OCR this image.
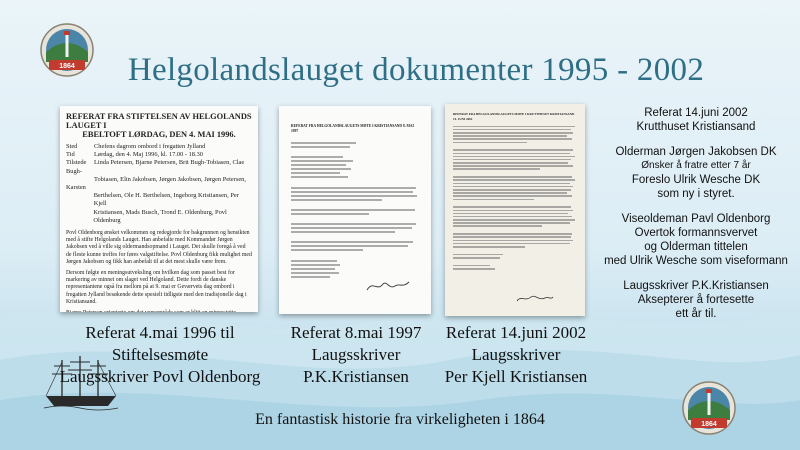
1864
1864
Helgolandslauget dokumenter 1995 - 2002
REFERAT FRA STIFTELSEN AV HELGOLANDS
LAUGET I
EBELTOFT LØRDAG, DEN 4. MAI 1996.
Sted	Chefens dagrom ombord i fregatten Jylland
Tid	Lørdag, den 4. Maj 1996, kl. 17.00 - 18.30
Tilstede	Linda Petersen, Bjarne Petersen, Brit Bugh-Tobiasen, Clae
Bugh-
Tobiasen, Elin Jakobsen, Jørgen Jakobsen, Jørgen Petersen,
Karsten
Berthelsen, Ole H. Berthelsen, Ingeborg Kristiansen, Per Kjell
Kristiansen, Mads Busch, Trond E. Oldenburg, Povl Oldenburg
Povl Oldenborg ønsket velkommen og redegjorde for bakgrunnen og hensikten med å stifte Helgolands Lauget. Han anbefalte med Kommandør Jørgen Jakobsen ved å ville sig oldermandsopmand i Lauget. Det skulle foregå å ved de fleste kunne treffes for føres valgstiftelse. Povl Oldenburg fikk mulighet med Jørgen Jakobsen og fikk han anbefalt til at det mest skulle være frem.
Dersom følgte en meningsutveksling om hvilken dag som passet best for markering av minnet om slaget ved Helgoland. Dette fordi de danske representantene også fra mellom på at 9. mai er Geværvets dag ombord i fregatten Jylland besøkende dette spesielt tidligste med den tradisjonelle dag i Kristiansand.
REFERAT FRA HELGOLANDSLAUGETS MØTE I KRISTIANSAND 8. MAI 1997
REFERAT FRA HELGOLANDSLAUGETS MØTE I KRUTTHUSET KRISTIANSAND 14. JUNI 2002
Referat 4.mai 1996 til
Stiftelsesmøte
Laugsskriver Povl Oldenborg
Referat 8.mai 1997
Laugsskriver
P.K.Kristiansen
Referat 14.juni 2002
Laugsskriver
Per Kjell Kristiansen
Referat 14.juni 2002
Krutthuset Kristiansand
Olderman Jørgen Jakobsen DK
Ønsker å fratre etter 7 år
Foreslo Ulrik Wesche DK
som ny i styret.
Viseoldeman Pavl Oldenborg
Overtok formannsvervet
og Olderman tittelen
med Ulrik Wesche som viseformann
Laugsskriver P.K.Kristiansen
Aksepterer å fortesette
ett år til.
En fantastisk historie fra virkeligheten i 1864
